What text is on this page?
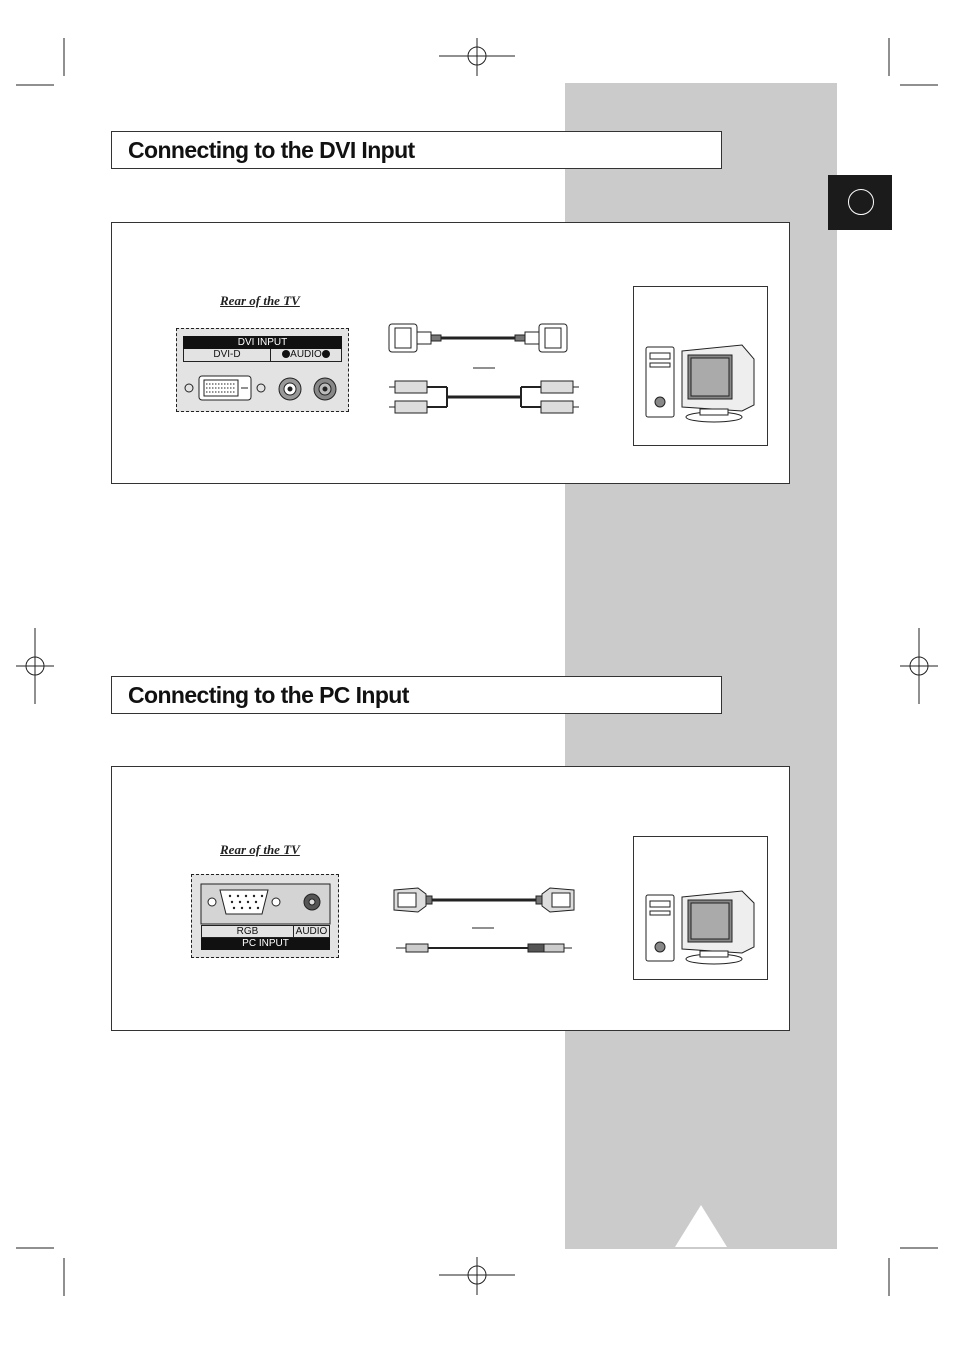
Connecting to the DVI Input
Rear of the TV
DVI INPUT
DVI-D	AUDIO
Connecting to the PC Input
Rear of the TV
RGB	AUDIO
PC INPUT
